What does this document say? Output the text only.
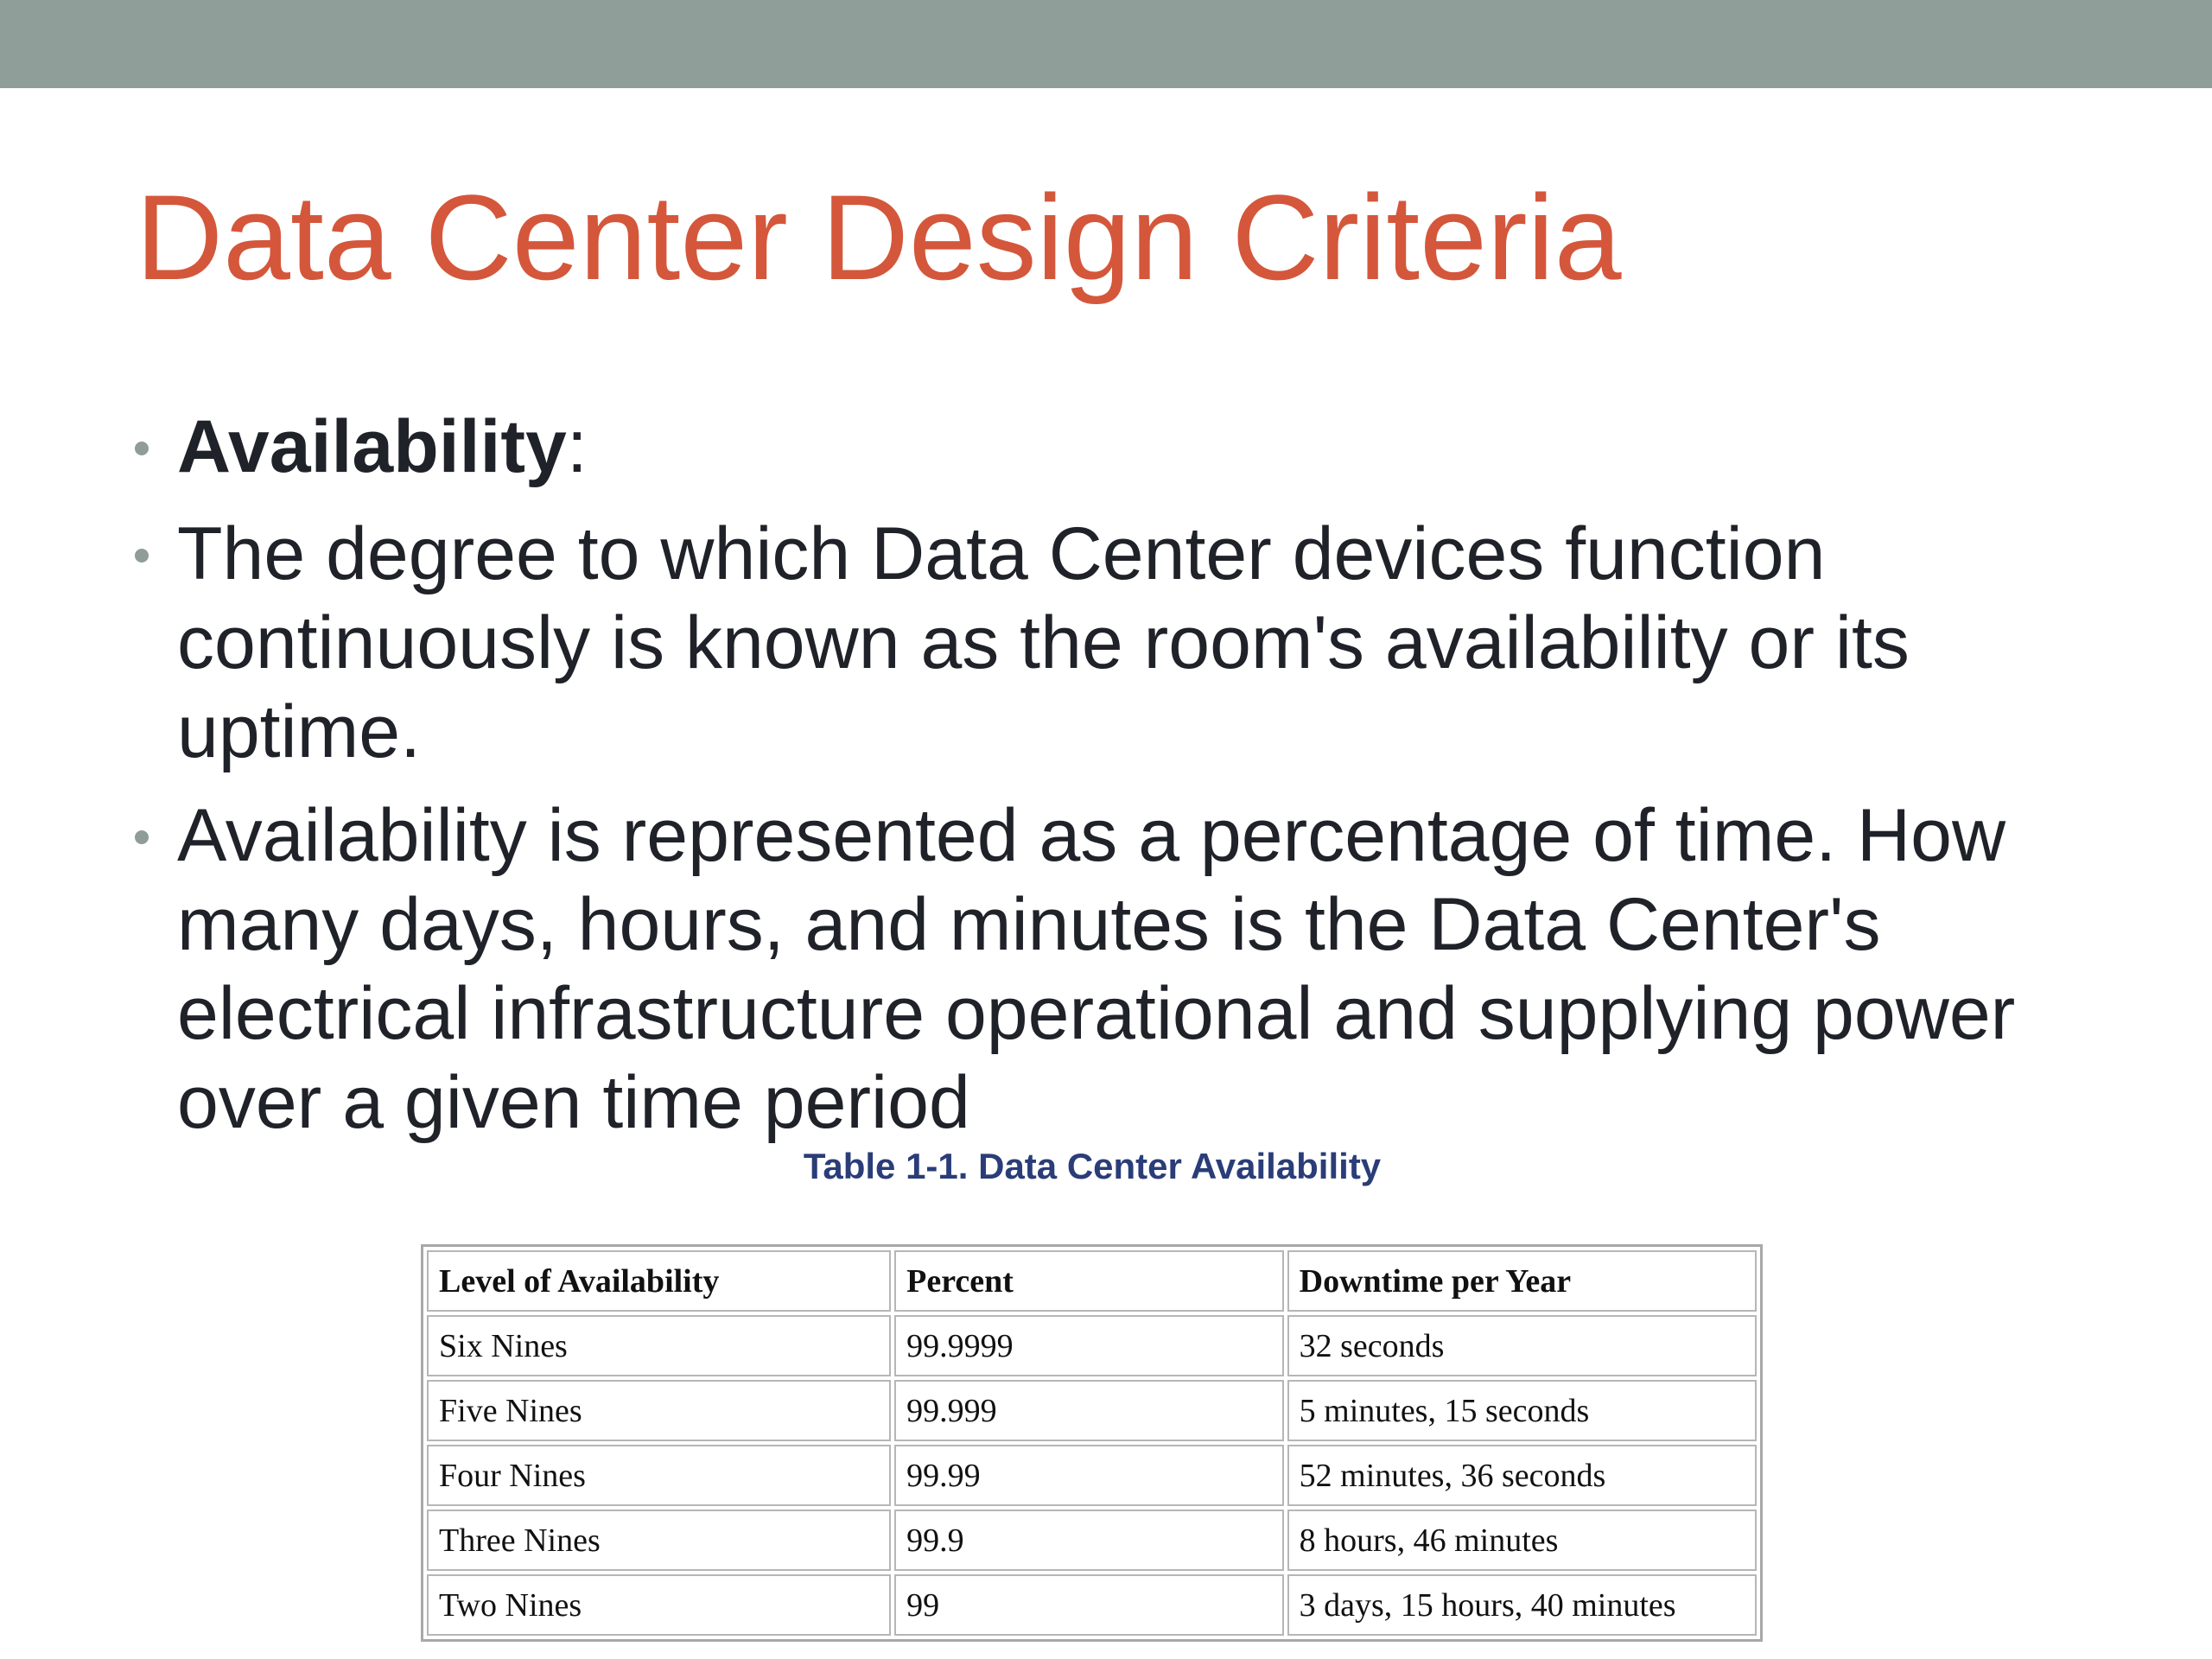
Data Center Design Criteria
Availability:
The degree to which Data Center devices function continuously is known as the room's availability or its uptime.
Availability is represented as a percentage of time. How many days, hours, and minutes is the Data Center's electrical infrastructure operational and supplying power over a given time period
Table 1-1. Data Center Availability
Level of Availability	Percent	Downtime per Year
Six Nines	99.9999	32 seconds
Five Nines	99.999	5 minutes, 15 seconds
Four Nines	99.99	52 minutes, 36 seconds
Three Nines	99.9	8 hours, 46 minutes
Two Nines	99	3 days, 15 hours, 40 minutes
